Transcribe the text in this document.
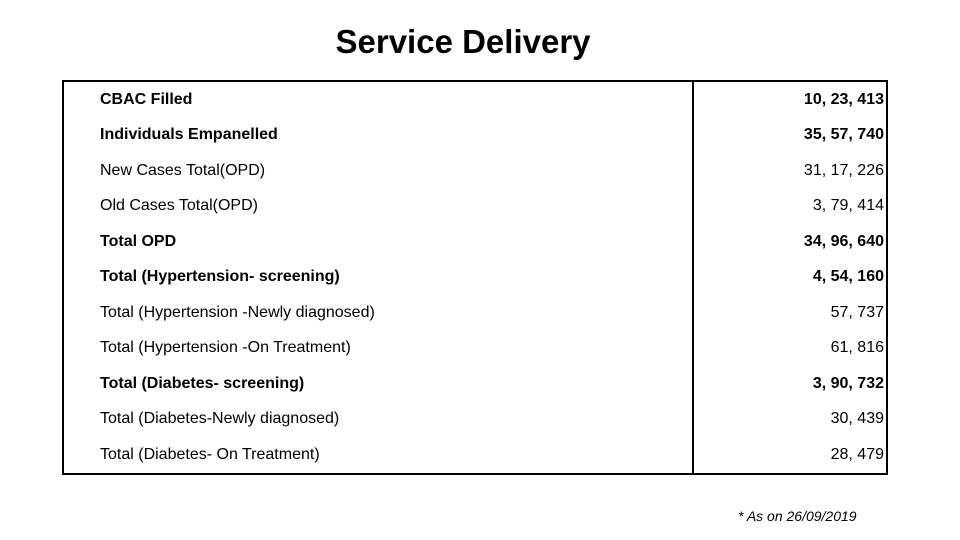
Service Delivery
CBAC Filled	10, 23, 413
Individuals Empanelled	35, 57, 740
New Cases Total(OPD)	31, 17, 226
Old Cases Total(OPD)	3, 79, 414
Total OPD	34, 96, 640
Total (Hypertension- screening)	4, 54, 160
Total (Hypertension -Newly diagnosed)	57, 737
Total (Hypertension -On Treatment)	61, 816
Total (Diabetes- screening)	3, 90, 732
Total (Diabetes-Newly diagnosed)	30, 439
Total (Diabetes- On Treatment)	28, 479
* As on 26/09/2019
